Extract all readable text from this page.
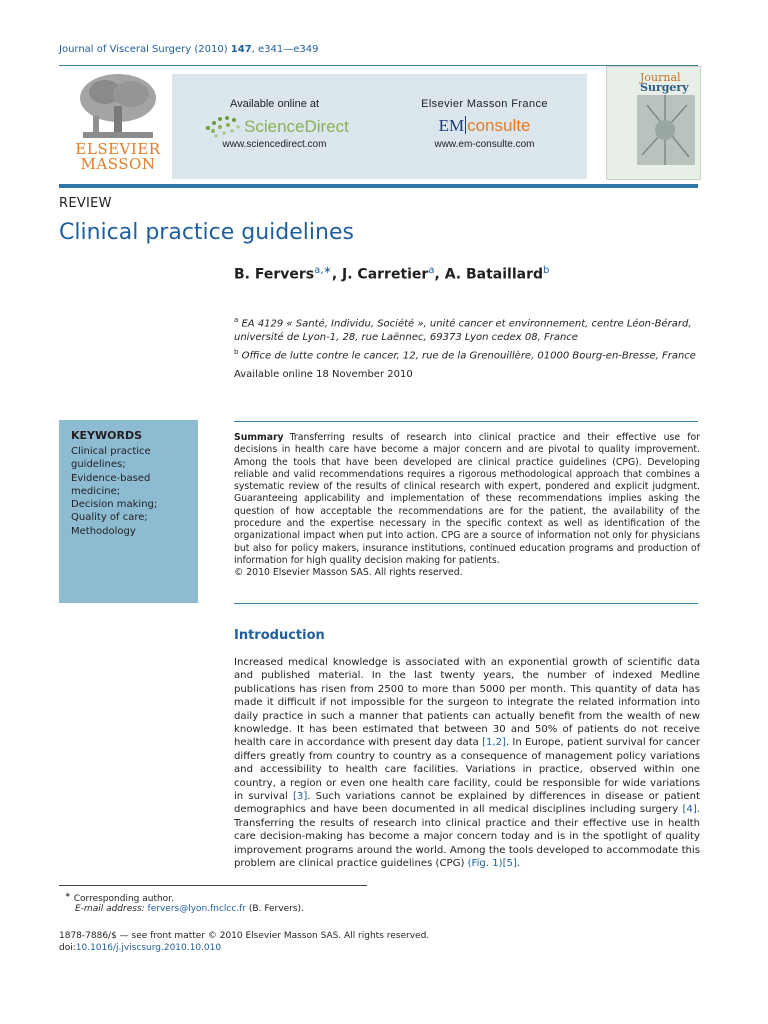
Journal of Visceral Surgery (2010) 147, e341—e349
ELSEVIER
MASSON
Available online at
ScienceDirect
www.sciencedirect.com
Elsevier Masson France
EM consulte
www.em-consulte.com
Journal
Surgery
REVIEW
Clinical practice guidelines
B. Fervers$^{a,∗}$, J. Carretier$^a$, A. Bataillard$^b$
$^a$ EA 4129 « Santé, Individu, Société », unité cancer et environnement, centre Léon-Bérard, université de Lyon-1, 28, rue Laënnec, 69373 Lyon cedex 08, France
$^b$ Office de lutte contre le cancer, 12, rue de la Grenouillère, 01000 Bourg-en-Bresse, France
Available online 18 November 2010
KEYWORDS
Clinical practice guidelines;
Evidence-based medicine;
Decision making;
Quality of care;
Methodology
Summary Transferring results of research into clinical practice and their effective use for decisions in health care have become a major concern and are pivotal to quality improvement. Among the tools that have been developed are clinical practice guidelines (CPG). Developing reliable and valid recommendations requires a rigorous methodological approach that combines a systematic review of the results of clinical research with expert, pondered and explicit judgment. Guaranteeing applicability and implementation of these recommendations implies asking the question of how acceptable the recommendations are for the patient, the availability of the procedure and the expertise necessary in the specific context as well as identification of the organizational impact when put into action. CPG are a source of information not only for physicians but also for policy makers, insurance institutions, continued education programs and production of information for high quality decision making for patients.
© 2010 Elsevier Masson SAS. All rights reserved.
Introduction
Increased medical knowledge is associated with an exponential growth of scientific data and published material. In the last twenty years, the number of indexed Medline publications has risen from 2500 to more than 5000 per month. This quantity of data has made it difficult if not impossible for the surgeon to integrate the related information into daily practice in such a manner that patients can actually benefit from the wealth of new knowledge. It has been estimated that between 30 and 50% of patients do not receive health care in accordance with present day data [1,2]. In Europe, patient survival for cancer differs greatly from country to country as a consequence of management policy variations and accessibility to health care facilities. Variations in practice, observed within one country, a region or even one health care facility, could be responsible for wide variations in survival [3]. Such variations cannot be explained by differences in disease or patient demographics and have been documented in all medical disciplines including surgery [4]. Transferring the results of research into clinical practice and their effective use in health care decision-making has become a major concern today and is in the spotlight of quality improvement programs around the world. Among the tools developed to accommodate this problem are clinical practice guidelines (CPG) (Fig. 1)[5].
∗ Corresponding author.
E-mail address: fervers@lyon.fnclcc.fr (B. Fervers).
1878-7886/$ — see front matter © 2010 Elsevier Masson SAS. All rights reserved.
doi:10.1016/j.jviscsurg.2010.10.010
